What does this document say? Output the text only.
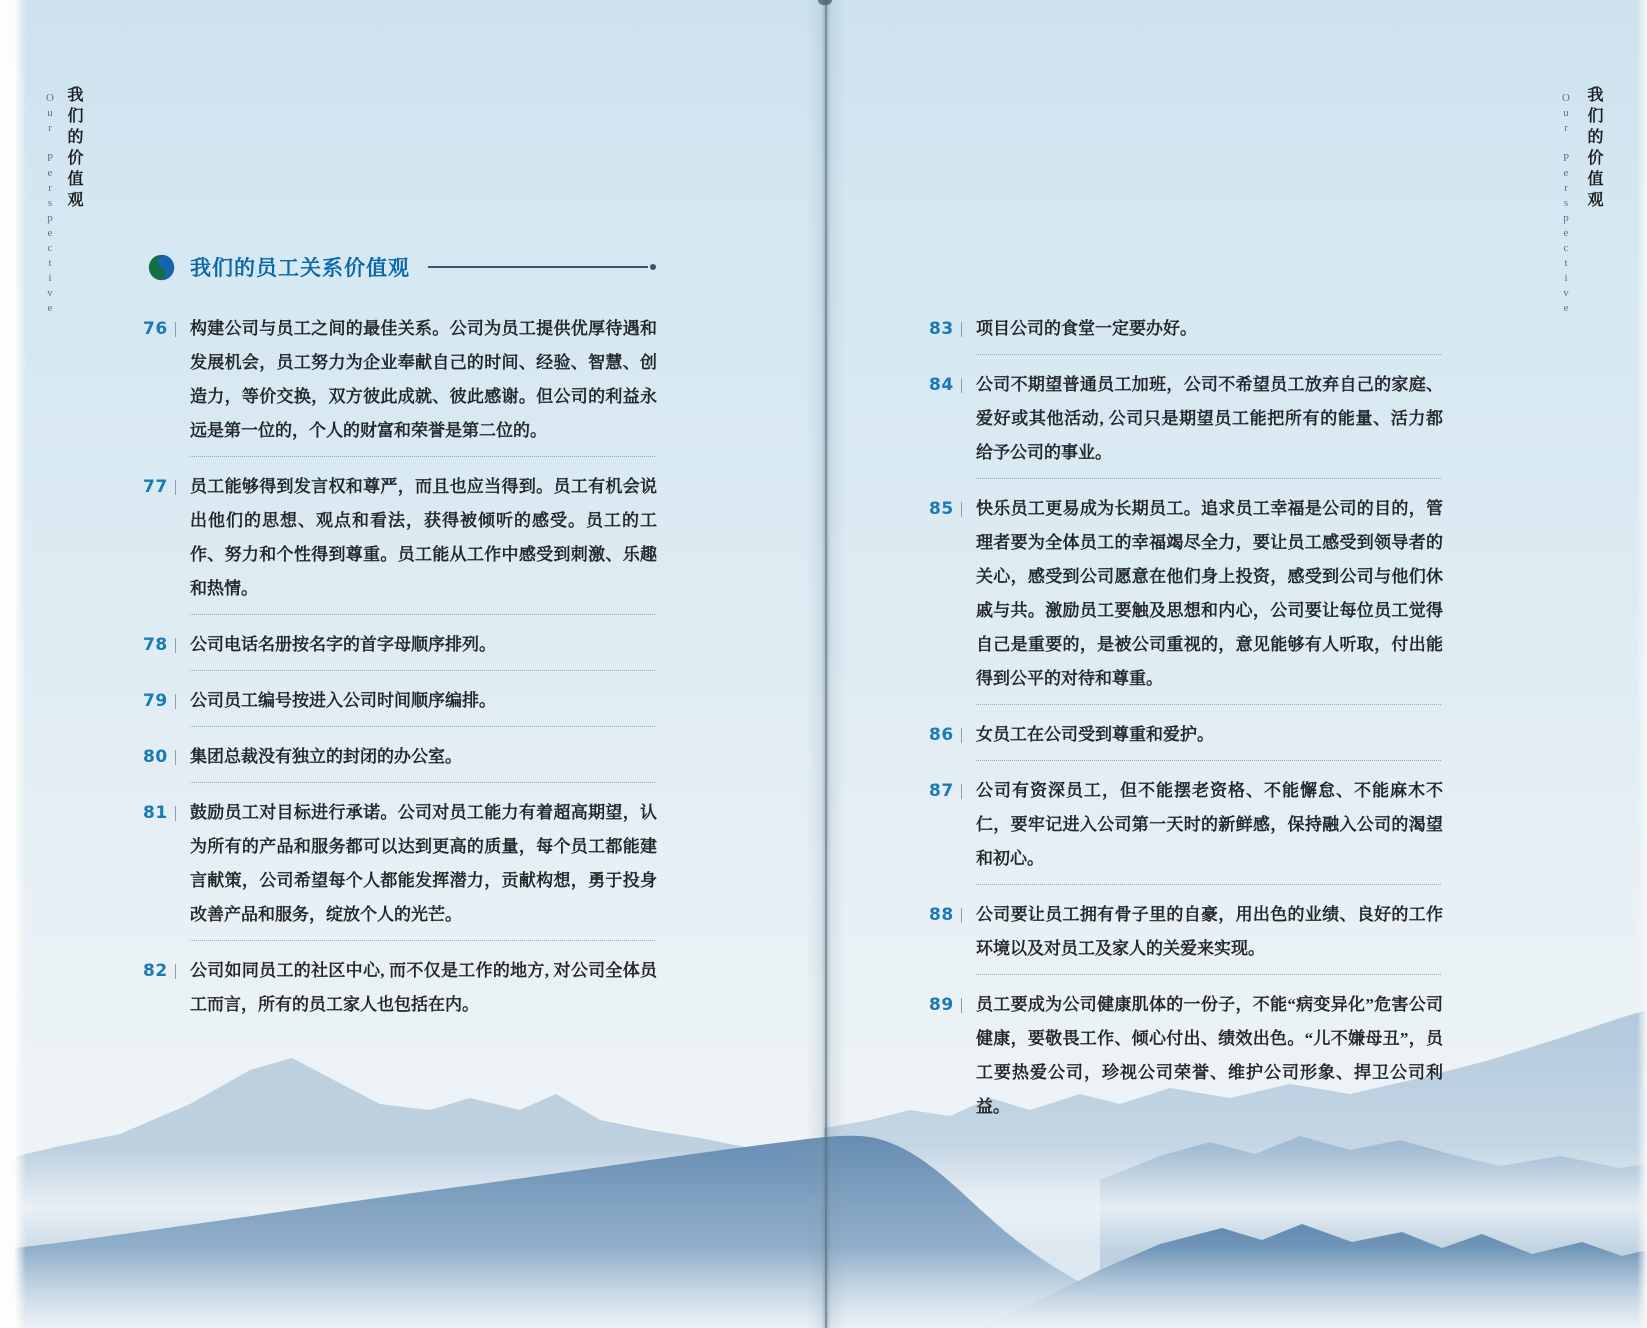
Our Perspective 我们的价值观	Our Perspective 我们的价值观
我们的员工关系价值观
76	构建公司与员工之间的最佳关系。公司为员工提供优厚待遇和发展机会，员工努力为企业奉献自己的时间、经验、智慧、创造力，等价交换，双方彼此成就、彼此感谢。但公司的利益永远是第一位的，个人的财富和荣誉是第二位的。

77	员工能够得到发言权和尊严，而且也应当得到。员工有机会说出他们的思想、观点和看法，获得被倾听的感受。员工的工作、努力和个性得到尊重。员工能从工作中感受到刺激、乐趣和热情。

78	公司电话名册按名字的首字母顺序排列。

79	公司员工编号按进入公司时间顺序编排。

80	集团总裁没有独立的封闭的办公室。

81	鼓励员工对目标进行承诺。公司对员工能力有着超高期望，认为所有的产品和服务都可以达到更高的质量，每个员工都能建言献策，公司希望每个人都能发挥潜力，贡献构想，勇于投身改善产品和服务，绽放个人的光芒。

82	公司如同员工的社区中心, 而不仅是工作的地方, 对公司全体员工而言，所有的员工家人也包括在内。

83	项目公司的食堂一定要办好。

84	公司不期望普通员工加班，公司不希望员工放弃自己的家庭、爱好或其他活动, 公司只是期望员工能把所有的能量、活力都给予公司的事业。

85	快乐员工更易成为长期员工。追求员工幸福是公司的目的，管理者要为全体员工的幸福竭尽全力，要让员工感受到领导者的关心，感受到公司愿意在他们身上投资，感受到公司与他们休戚与共。激励员工要触及思想和内心，公司要让每位员工觉得自己是重要的，是被公司重视的，意见能够有人听取，付出能得到公平的对待和尊重。

86	女员工在公司受到尊重和爱护。

87	公司有资深员工，但不能摆老资格、不能懈怠、不能麻木不仁，要牢记进入公司第一天时的新鲜感，保持融入公司的渴望和初心。

88	公司要让员工拥有骨子里的自豪，用出色的业绩、良好的工作环境以及对员工及家人的关爱来实现。

89	员工要成为公司健康肌体的一份子，不能“病变异化”危害公司健康，要敬畏工作、倾心付出、绩效出色。“儿不嫌母丑”，员工要热爱公司，珍视公司荣誉、维护公司形象、捍卫公司利益。
